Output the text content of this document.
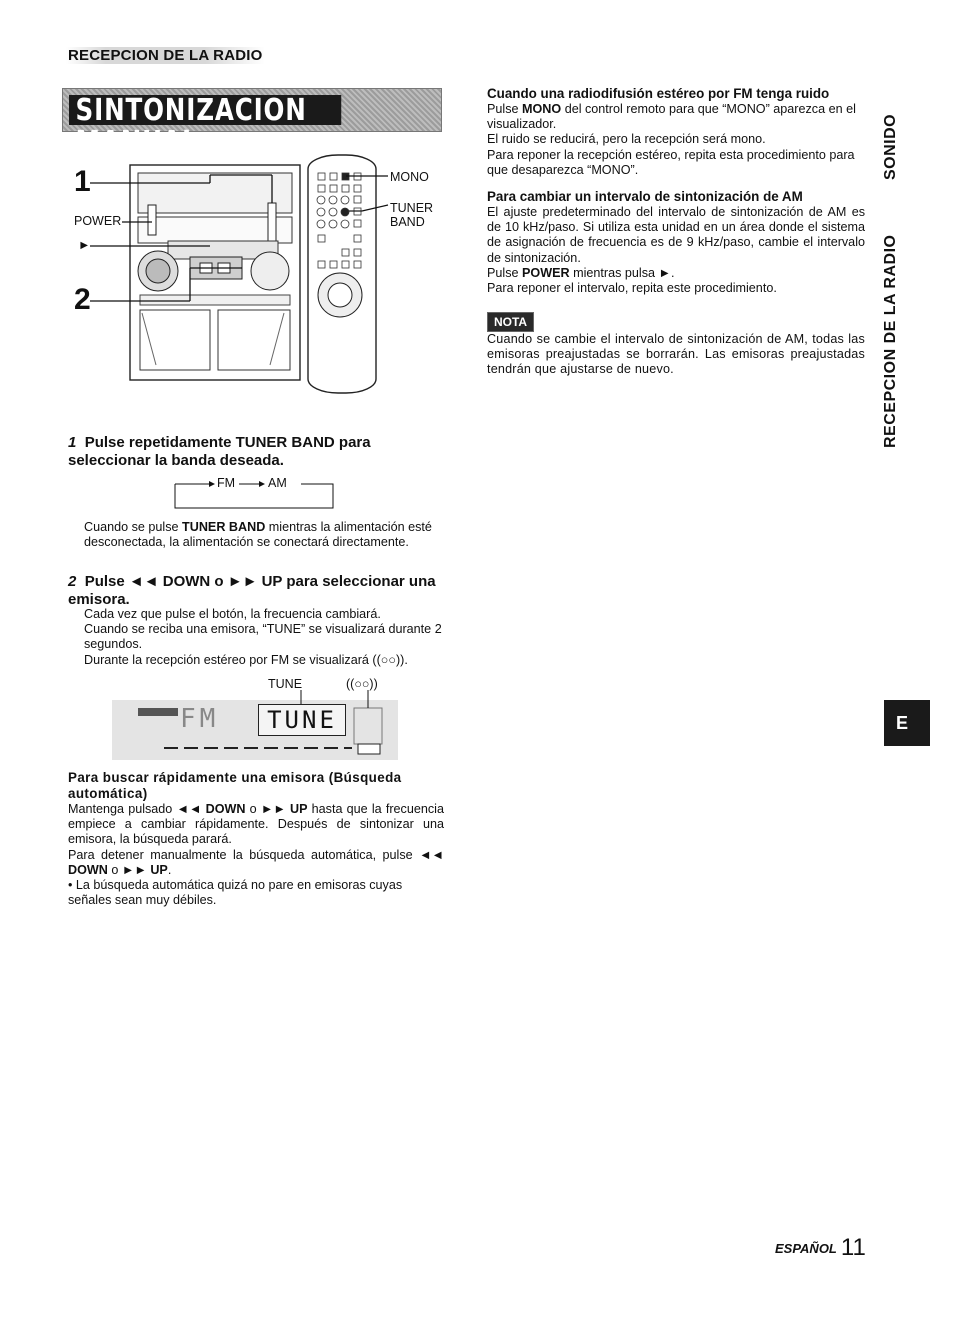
RECEPCION DE LA RADIO
SINTONIZACION MANUAL
1
2
POWER
►
MONO
TUNER
BAND
1 Pulse repetidamente TUNER BAND para seleccionar la banda deseada.
FM	AM
Cuando se pulse TUNER BAND mientras la alimentación esté desconectada, la alimentación se conectará directamente.
2 Pulse ◄◄ DOWN o ►► UP para seleccionar una emisora.
Cada vez que pulse el botón, la frecuencia cambiará.
Cuando se reciba una emisora, “TUNE” se visualizará durante 2 segundos.
Durante la recepción estéreo por FM se visualizará ((○○)).
TUNE	((○○))
FM	TUNE
Para buscar rápidamente una emisora (Búsqueda automática)
Mantenga pulsado ◄◄ DOWN o ►► UP hasta que la frecuencia empiece a cambiar rápidamente. Después de sintonizar una emisora, la búsqueda parará.
Para detener manualmente la búsqueda automática, pulse ◄◄ DOWN o ►► UP.
• La búsqueda automática quizá no pare en emisoras cuyas señales sean muy débiles.
Cuando una radiodifusión estéreo por FM tenga ruido
Pulse MONO del control remoto para que “MONO” aparezca en el visualizador.
El ruido se reducirá, pero la recepción será mono.
Para reponer la recepción estéreo, repita esta procedimiento para que desaparezca “MONO”.
Para cambiar un intervalo de sintonización de AM
El ajuste predeterminado del intervalo de sintonización de AM es de 10 kHz/paso. Si utiliza esta unidad en un área donde el sistema de asignación de frecuencia es de 9 kHz/paso, cambie el intervalo de sintonización.
Pulse POWER mientras pulsa ►.
Para reponer el intervalo, repita este procedimiento.
NOTA
Cuando se cambie el intervalo de sintonización de AM, todas las emisoras preajustadas se borrarán. Las emisoras preajustadas tendrán que ajustarse de nuevo.
SONIDO
RECEPCION DE LA RADIO
E
ESPAÑOL 11
